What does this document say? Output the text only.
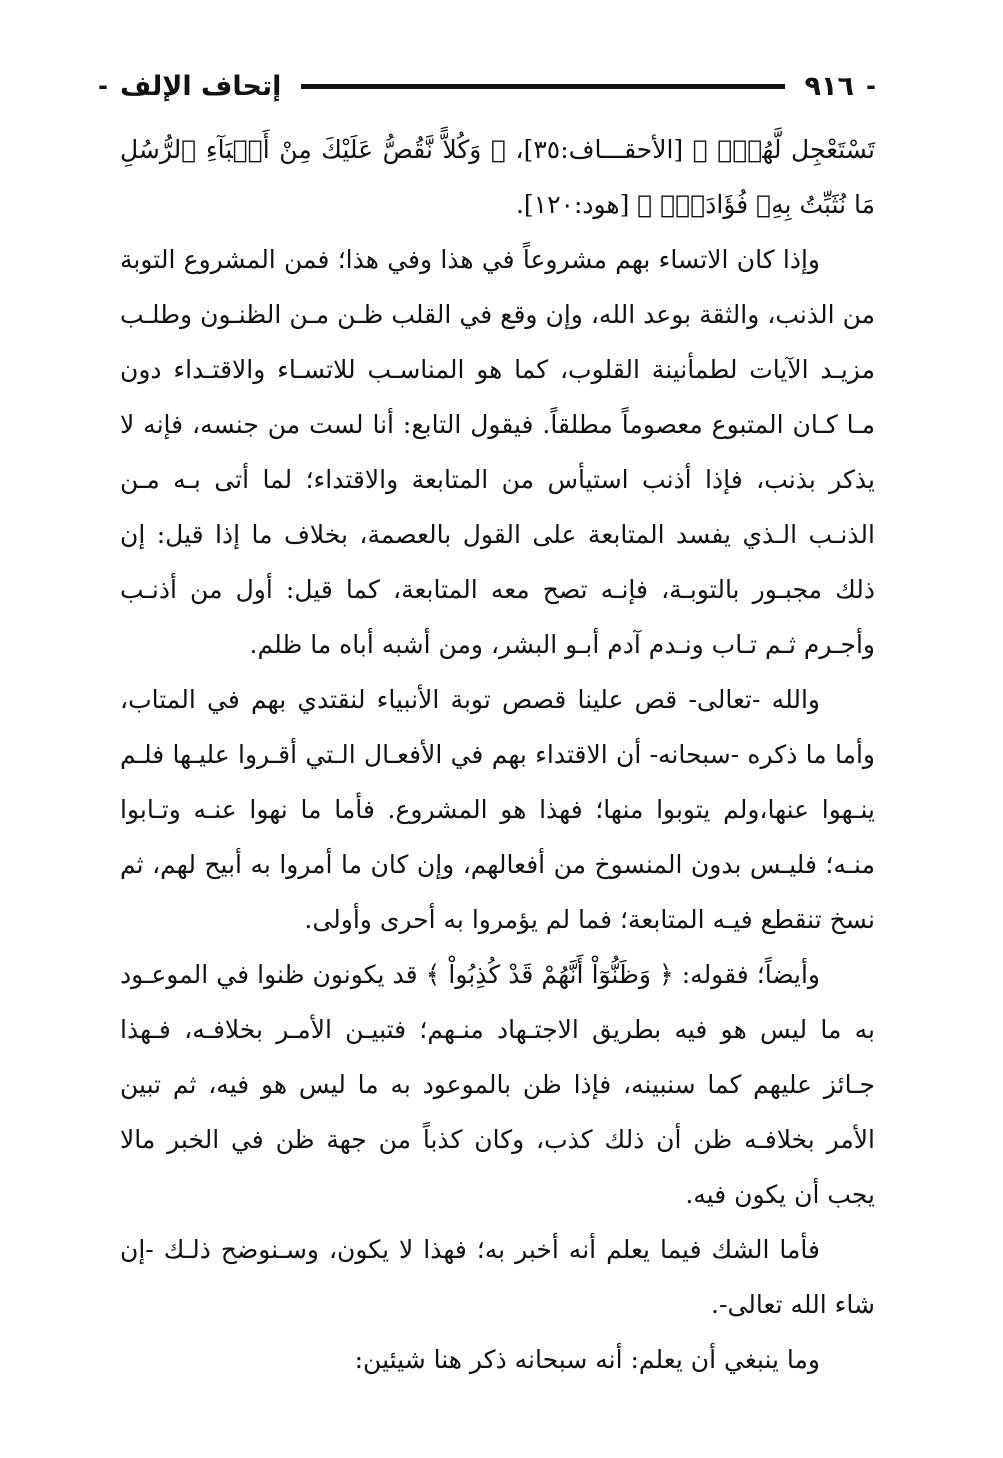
-
٩١٦
إتحاف الإلف
-

تَسْتَعْجِل لَّهُمْۚ ﴾ [الأحقـــاف:٣٥]، ﴿ وَكُلاًّ نَّقُصُّ عَلَيْكَ مِنْ أَنۢبَآءِ ٱلرُّسُلِ مَا نُثَبِّتُ بِهِۦ فُؤَادَكَۚ ﴾ [هود:١٢٠].

وإذا كان الاتساء بهم مشروعاً في هذا وفي هذا؛ فمن المشروع التوبة من الذنب، والثقة بوعد الله، وإن وقع في القلب ظـن مـن الظنـون وطلـب مزيـد الآيات لطمأنينة القلوب، كما هو المناسـب للاتسـاء والاقتـداء دون مـا كـان المتبوع معصوماً مطلقاً. فيقول التابع: أنا لست من جنسه، فإنه لا يذكر بذنب، فإذا أذنب استيأس من المتابعة والاقتداء؛ لما أتى بـه مـن الذنـب الـذي يفسد المتابعة على القول بالعصمة، بخلاف ما إذا قيل: إن ذلك مجبـور بالتوبـة، فإنـه تصح معه المتابعة، كما قيل: أول من أذنـب وأجـرم ثـم تـاب ونـدم آدم أبـو البشر، ومن أشبه أباه ما ظلم.

والله -تعالى- قص علينا قصص توبة الأنبياء لنقتدي بهم في المتاب، وأما ما ذكره -سبحانه- أن الاقتداء بهم في الأفعـال الـتي أقـروا عليـها فلـم ينـهوا عنها،ولم يتوبوا منها؛ فهذا هو المشروع. فأما ما نهوا عنـه وتـابوا منـه؛ فليـس بدون المنسوخ من أفعالهم، وإن كان ما أمروا به أبيح لهم، ثم نسخ تنقطع فيـه المتابعة؛ فما لم يؤمروا به أحرى وأولى.

وأيضاً؛ فقوله: ﴿ وَظَنُّوٓاْ أَنَّهُمْ قَدْ كُذِبُواْ ﴾ قد يكونون ظنوا في الموعـود به ما ليس هو فيه بطريق الاجتـهاد منـهم؛ فتبيـن الأمـر بخلافـه، فـهذا جـائز عليهم كما سنبينه، فإذا ظن بالموعود به ما ليس هو فيه، ثم تبين الأمر بخلافـه ظن أن ذلك كذب، وكان كذباً من جهة ظن في الخبر مالا يجب أن يكون فيه.

فأما الشك فيما يعلم أنه أخبر به؛ فهذا لا يكون، وسـنوضح ذلـك -إن شاء الله تعالى-.

وما ينبغي أن يعلم: أنه سبحانه ذكر هنا شيئين:
